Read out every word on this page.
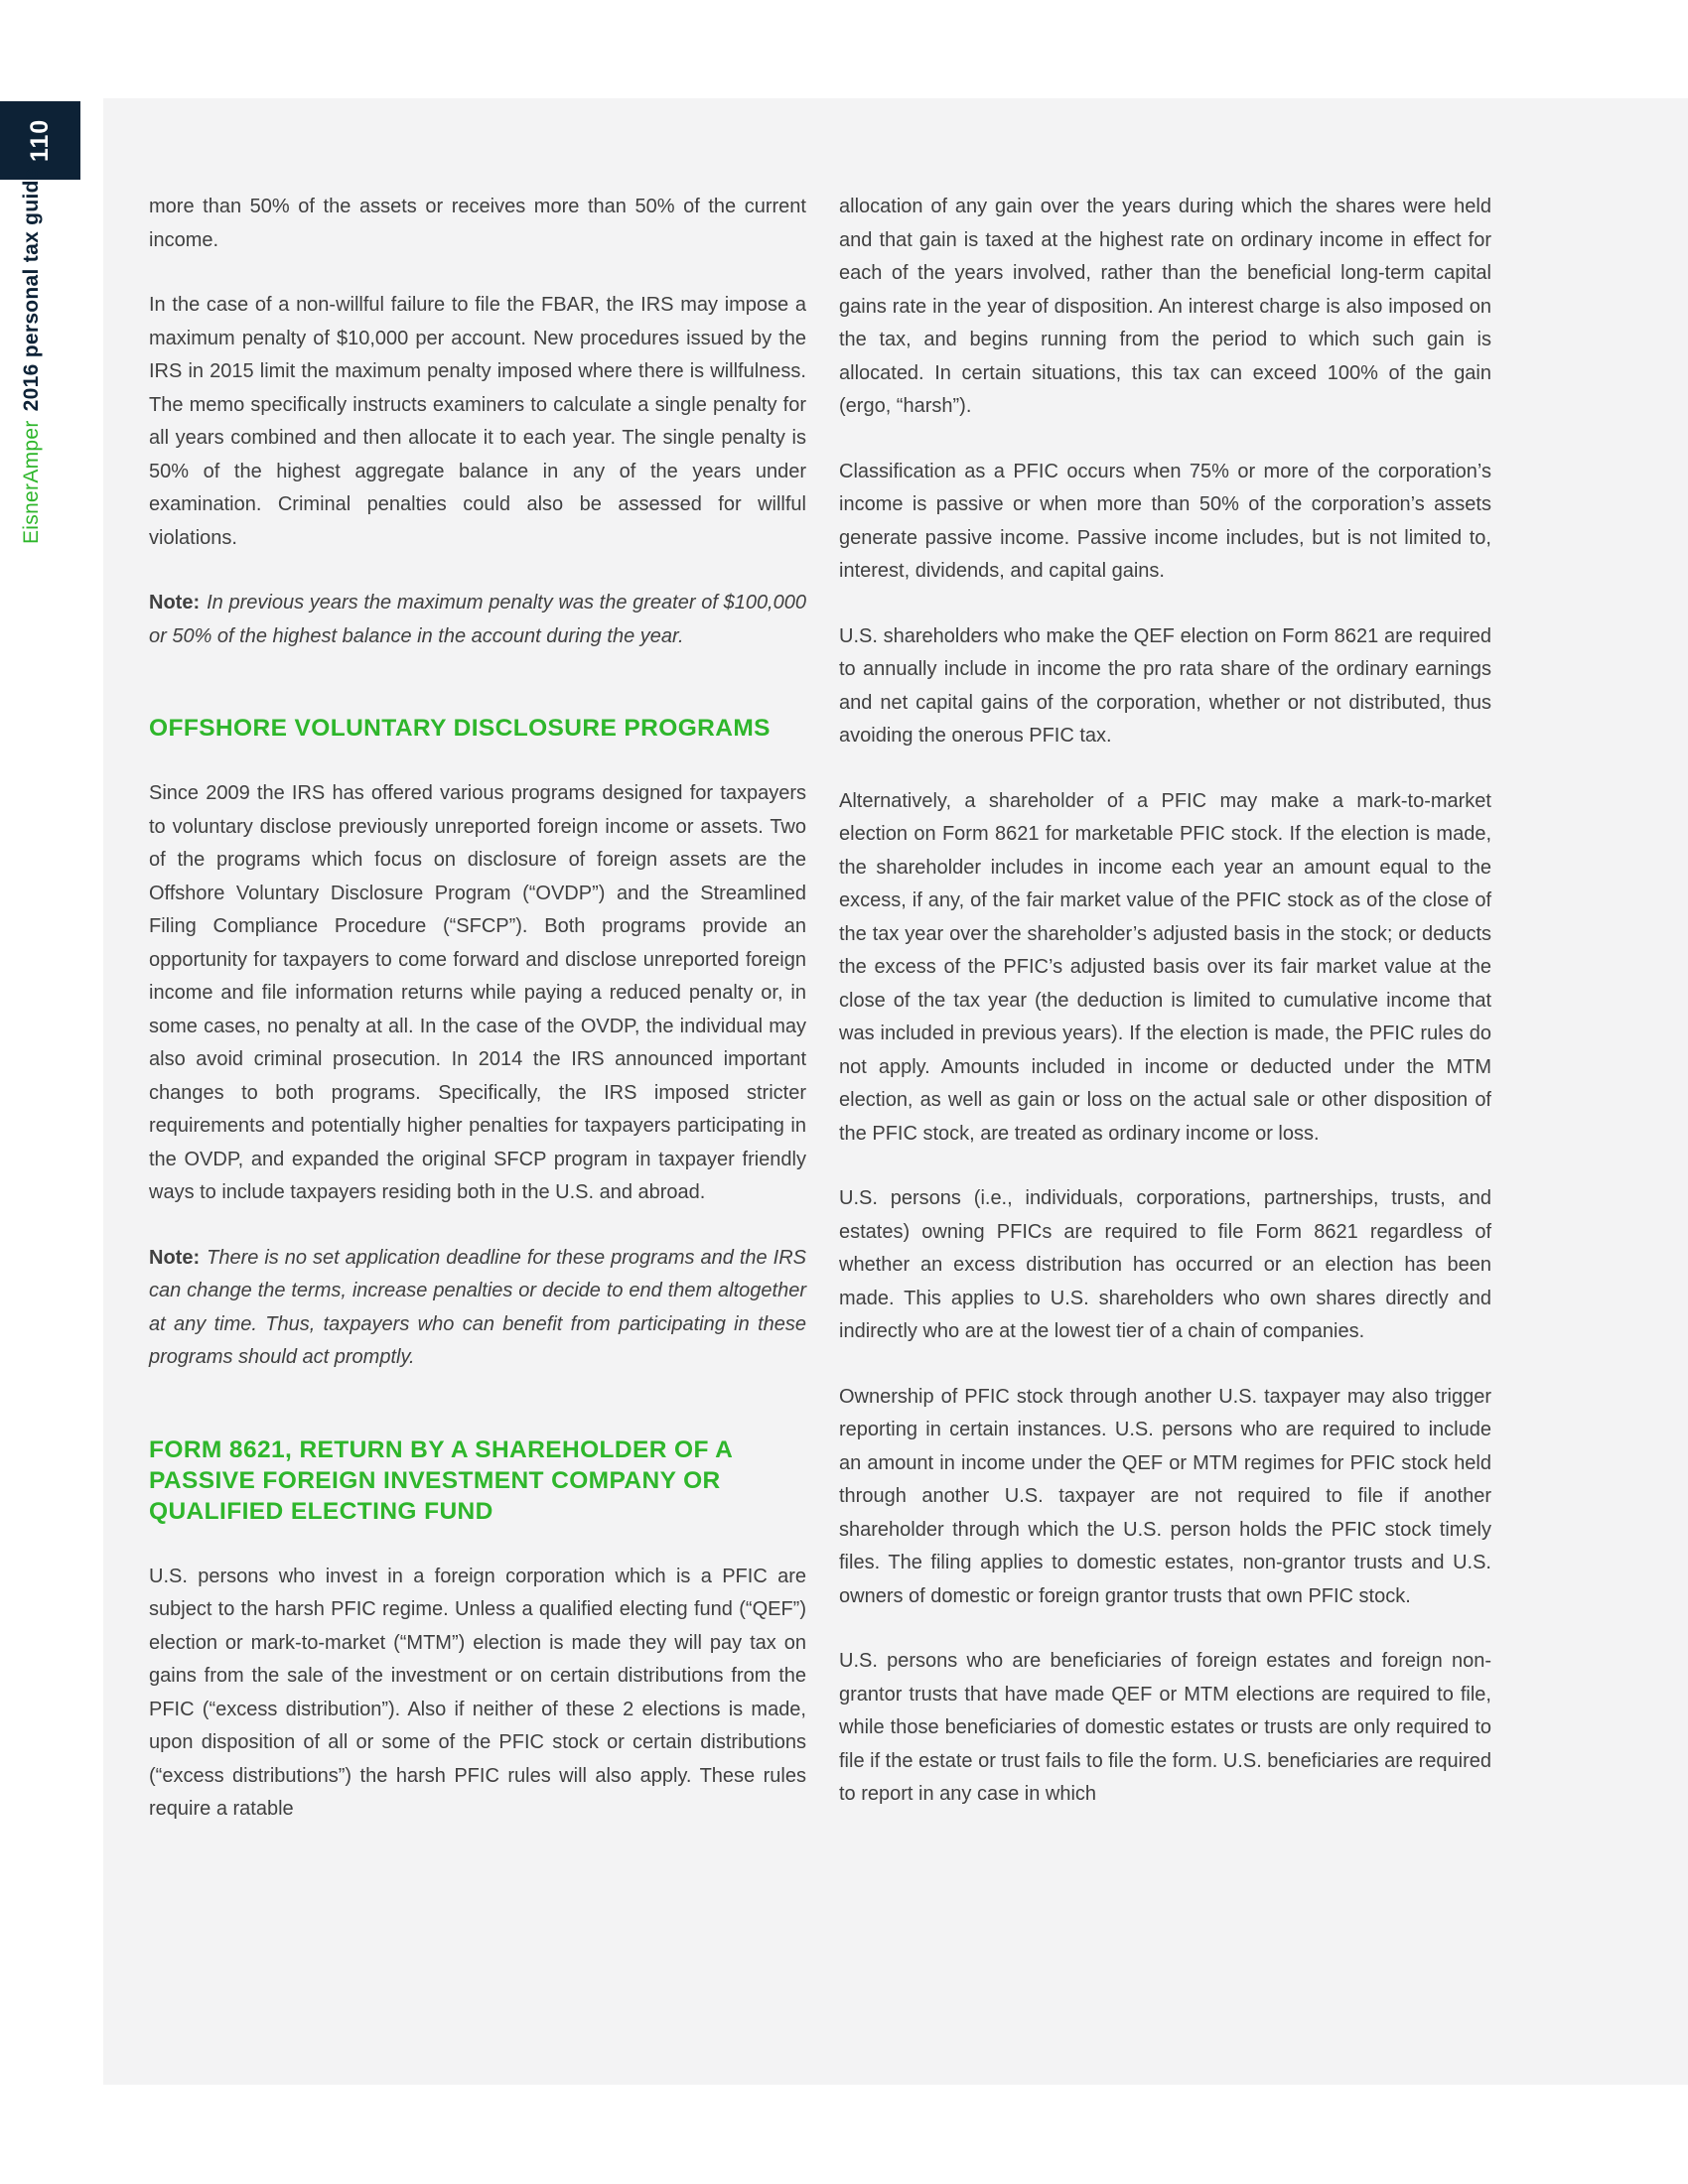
110
EisnerAmper2016 personal tax guide	more than 50% of the assets or receives more than 50% of the current income.

In the case of a non-willful failure to file the FBAR, the IRS may impose a maximum penalty of $10,000 per account. New procedures issued by the IRS in 2015 limit the maximum penalty imposed where there is willfulness. The memo specifically instructs examiners to calculate a single penalty for all years combined and then allocate it to each year. The single penalty is 50% of the highest aggregate balance in any of the years under examination. Criminal penalties could also be assessed for willful violations.

Note: In previous years the maximum penalty was the greater of $100,000 or 50% of the highest balance in the account during the year.

OFFSHORE VOLUNTARY DISCLOSURE PROGRAMS

Since 2009 the IRS has offered various programs designed for taxpayers to voluntary disclose previously unreported foreign income or assets. Two of the programs which focus on disclosure of foreign assets are the Offshore Voluntary Disclosure Program (“OVDP”) and the Streamlined Filing Compliance Procedure (“SFCP”). Both programs provide an opportunity for taxpayers to come forward and disclose unreported foreign income and file information returns while paying a reduced penalty or, in some cases, no penalty at all. In the case of the OVDP, the individual may also avoid criminal prosecution. In 2014 the IRS announced important changes to both programs. Specifically, the IRS imposed stricter requirements and potentially higher penalties for taxpayers participating in the OVDP, and expanded the original SFCP program in taxpayer friendly ways to include taxpayers residing both in the U.S. and abroad.

Note: There is no set application deadline for these programs and the IRS can change the terms, increase penalties or decide to end them altogether at any time. Thus, taxpayers who can benefit from participating in these programs should act promptly.

FORM 8621, RETURN BY A SHAREHOLDER OF A PASSIVE FOREIGN INVESTMENT COMPANY OR QUALIFIED ELECTING FUND

U.S. persons who invest in a foreign corporation which is a PFIC are subject to the harsh PFIC regime. Unless a qualified electing fund (“QEF”) election or mark-to-market (“MTM”) election is made they will pay tax on gains from the sale of the investment or on certain distributions from the PFIC (“excess distribution”). Also if neither of these 2 elections is made, upon disposition of all or some of the PFIC stock or certain distributions (“excess distributions”) the harsh PFIC rules will also apply. These rules require a ratable

allocation of any gain over the years during which the shares were held and that gain is taxed at the highest rate on ordinary income in effect for each of the years involved, rather than the beneficial long-term capital gains rate in the year of disposition. An interest charge is also imposed on the tax, and begins running from the period to which such gain is allocated. In certain situations, this tax can exceed 100% of the gain (ergo, “harsh”).

Classification as a PFIC occurs when 75% or more of the corporation’s income is passive or when more than 50% of the corporation’s assets generate passive income. Passive income includes, but is not limited to, interest, dividends, and capital gains.

U.S. shareholders who make the QEF election on Form 8621 are required to annually include in income the pro rata share of the ordinary earnings and net capital gains of the corporation, whether or not distributed, thus avoiding the onerous PFIC tax.

Alternatively, a shareholder of a PFIC may make a mark-to-market election on Form 8621 for marketable PFIC stock. If the election is made, the shareholder includes in income each year an amount equal to the excess, if any, of the fair market value of the PFIC stock as of the close of the tax year over the shareholder’s adjusted basis in the stock; or deducts the excess of the PFIC’s adjusted basis over its fair market value at the close of the tax year (the deduction is limited to cumulative income that was included in previous years). If the election is made, the PFIC rules do not apply. Amounts included in income or deducted under the MTM election, as well as gain or loss on the actual sale or other disposition of the PFIC stock, are treated as ordinary income or loss.

U.S. persons (i.e., individuals, corporations, partnerships, trusts, and estates) owning PFICs are required to file Form 8621 regardless of whether an excess distribution has occurred or an election has been made. This applies to U.S. shareholders who own shares directly and indirectly who are at the lowest tier of a chain of companies.

Ownership of PFIC stock through another U.S. taxpayer may also trigger reporting in certain instances. U.S. persons who are required to include an amount in income under the QEF or MTM regimes for PFIC stock held through another U.S. taxpayer are not required to file if another shareholder through which the U.S. person holds the PFIC stock timely files. The filing applies to domestic estates, non-grantor trusts and U.S. owners of domestic or foreign grantor trusts that own PFIC stock.

U.S. persons who are beneficiaries of foreign estates and foreign non-grantor trusts that have made QEF or MTM elections are required to file, while those beneficiaries of domestic estates or trusts are only required to file if the estate or trust fails to file the form. U.S. beneficiaries are required to report in any case in which
